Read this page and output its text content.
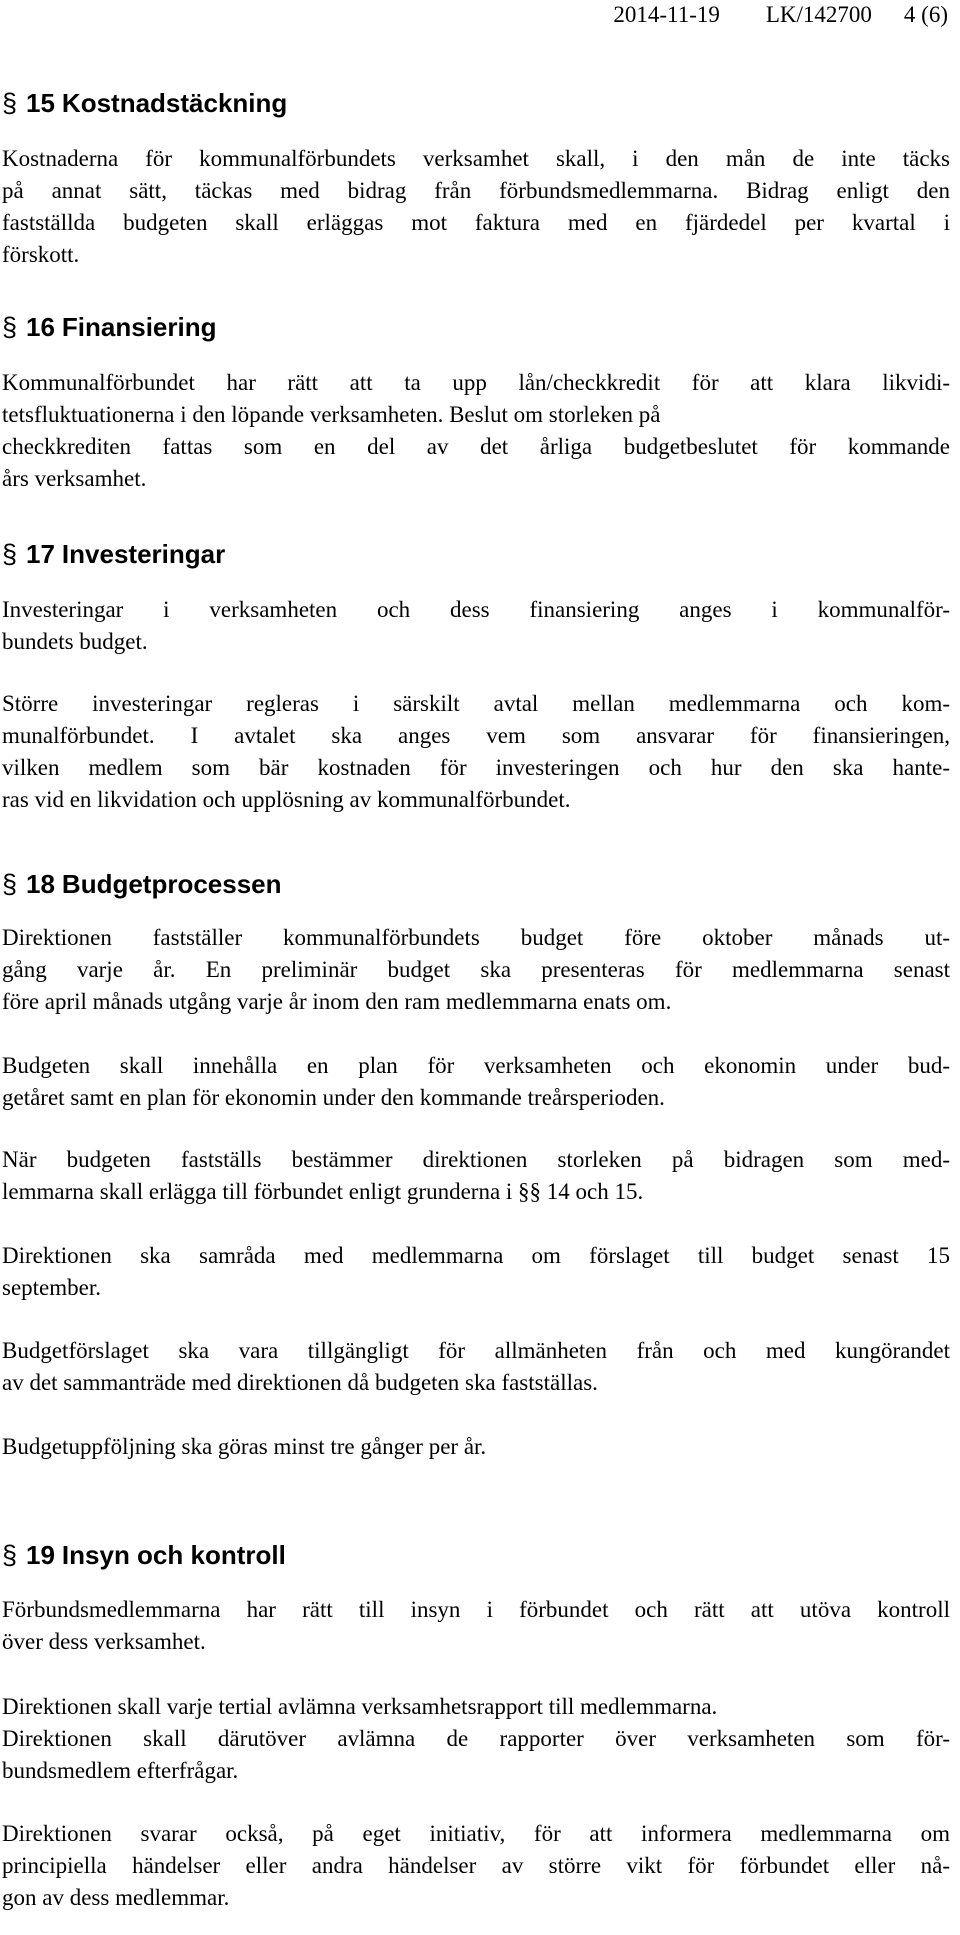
2014-11-19 LK/142700 4 (6)
§ 15 Kostnadstäckning
Kostnaderna för kommunalförbundets verksamhet skall, i den mån de inte täcks
på annat sätt, täckas med bidrag från förbundsmedlemmarna. Bidrag enligt den
fastställda budgeten skall erläggas mot faktura med en fjärdedel per kvartal i
förskott.
§ 16 Finansiering
Kommunalförbundet har rätt att ta upp lån/checkkredit för att klara likvidi-
tetsfluktuationerna i den löpande verksamheten. Beslut om storleken på
checkkrediten fattas som en del av det årliga budgetbeslutet för kommande
års verksamhet.
§ 17 Investeringar
Investeringar i verksamheten och dess finansiering anges i kommunalför-
bundets budget.
Större investeringar regleras i särskilt avtal mellan medlemmarna och kom-
munalförbundet. I avtalet ska anges vem som ansvarar för finansieringen,
vilken medlem som bär kostnaden för investeringen och hur den ska hante-
ras vid en likvidation och upplösning av kommunalförbundet.
§ 18 Budgetprocessen
Direktionen fastställer kommunalförbundets budget före oktober månads ut-
gång varje år. En preliminär budget ska presenteras för medlemmarna senast
före april månads utgång varje år inom den ram medlemmarna enats om.
Budgeten skall innehålla en plan för verksamheten och ekonomin under bud-
getåret samt en plan för ekonomin under den kommande treårsperioden.
När budgeten fastställs bestämmer direktionen storleken på bidragen som med-
lemmarna skall erlägga till förbundet enligt grunderna i §§ 14 och 15.
Direktionen ska samråda med medlemmarna om förslaget till budget senast 15
september.
Budgetförslaget ska vara tillgängligt för allmänheten från och med kungörandet
av det sammanträde med direktionen då budgeten ska fastställas.
Budgetuppföljning ska göras minst tre gånger per år.
§ 19 Insyn och kontroll
Förbundsmedlemmarna har rätt till insyn i förbundet och rätt att utöva kontroll
över dess verksamhet.
Direktionen skall varje tertial avlämna verksamhetsrapport till medlemmarna.
Direktionen skall därutöver avlämna de rapporter över verksamheten som för-
bundsmedlem efterfrågar.
Direktionen svarar också, på eget initiativ, för att informera medlemmarna om
principiella händelser eller andra händelser av större vikt för förbundet eller nå-
gon av dess medlemmar.
